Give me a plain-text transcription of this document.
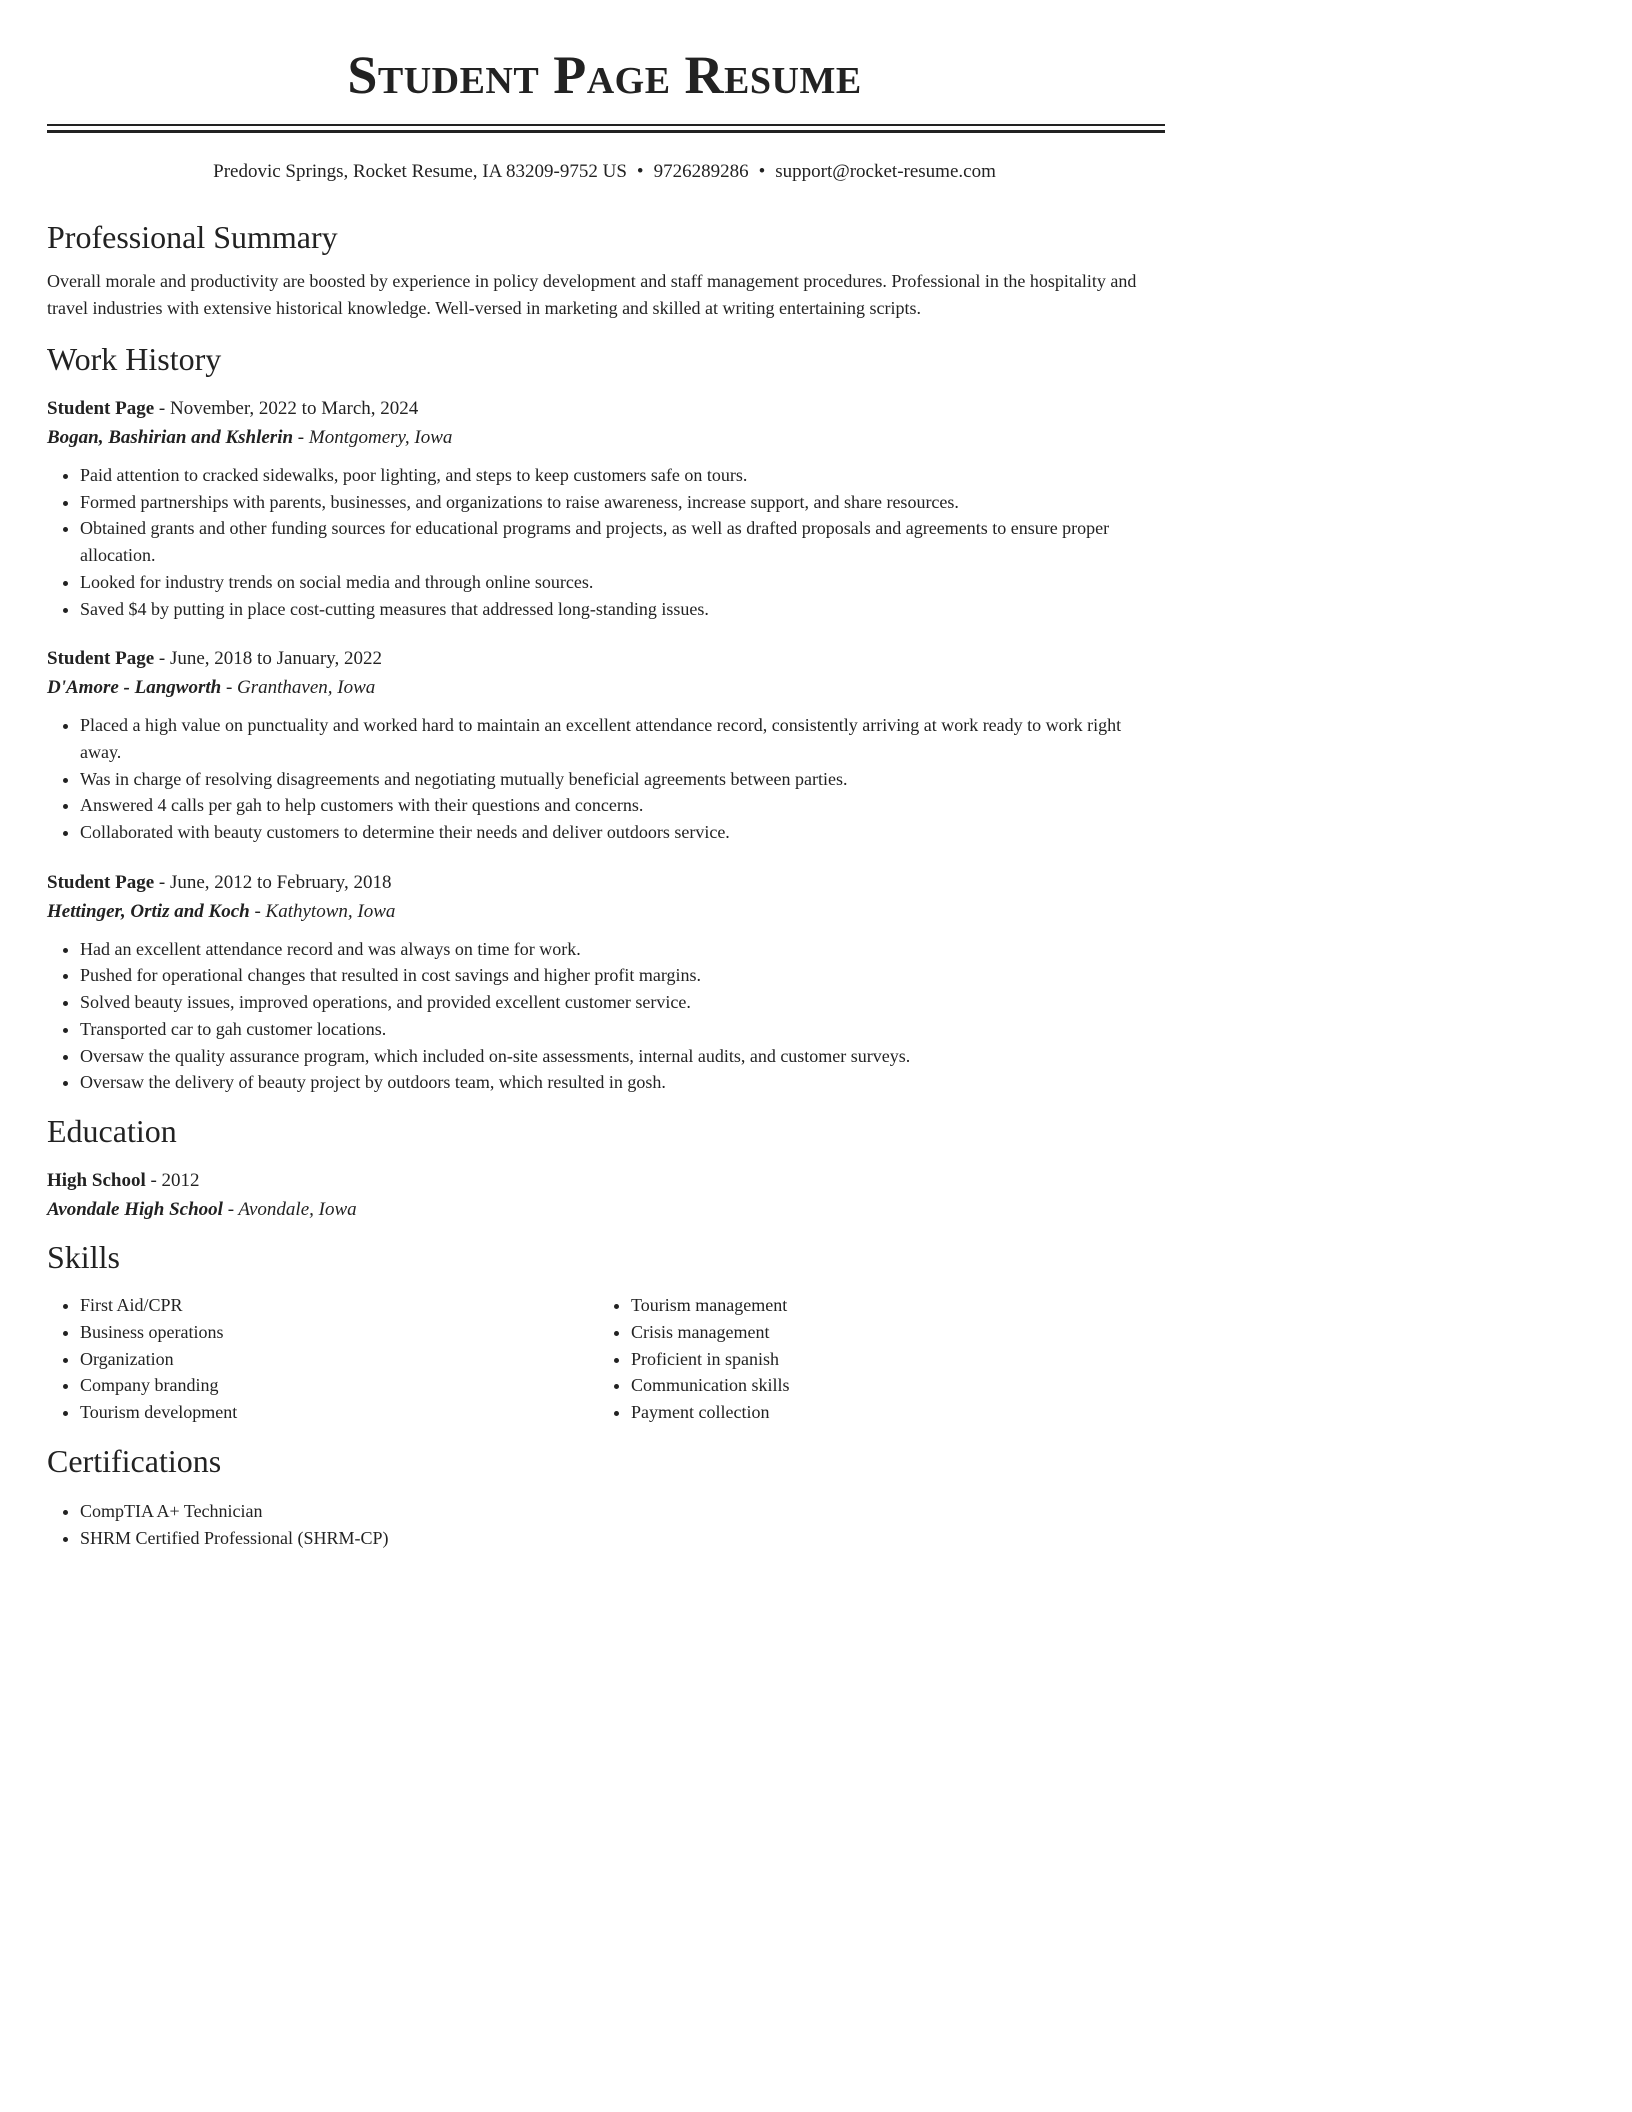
Student Page Resume
Predovic Springs, Rocket Resume, IA 83209-9752 US • 9726289286 • support@rocket-resume.com
Professional Summary

Overall morale and productivity are boosted by experience in policy development and staff management procedures. Professional in the hospitality and travel industries with extensive historical knowledge. Well-versed in marketing and skilled at writing entertaining scripts.

Work History

Student Page - November, 2022 to March, 2024

Bogan, Bashirian and Kshlerin - Montgomery, Iowa

• Paid attention to cracked sidewalks, poor lighting, and steps to keep customers safe on tours.
• Formed partnerships with parents, businesses, and organizations to raise awareness, increase support, and share resources.
• Obtained grants and other funding sources for educational programs and projects, as well as drafted proposals and agreements to ensure proper allocation.
• Looked for industry trends on social media and through online sources.
• Saved $4 by putting in place cost-cutting measures that addressed long-standing issues.

Student Page - June, 2018 to January, 2022

D'Amore - Langworth - Granthaven, Iowa

• Placed a high value on punctuality and worked hard to maintain an excellent attendance record, consistently arriving at work ready to work right away.
• Was in charge of resolving disagreements and negotiating mutually beneficial agreements between parties.
• Answered 4 calls per gah to help customers with their questions and concerns.
• Collaborated with beauty customers to determine their needs and deliver outdoors service.

Student Page - June, 2012 to February, 2018

Hettinger, Ortiz and Koch - Kathytown, Iowa

• Had an excellent attendance record and was always on time for work.
• Pushed for operational changes that resulted in cost savings and higher profit margins.
• Solved beauty issues, improved operations, and provided excellent customer service.
• Transported car to gah customer locations.
• Oversaw the quality assurance program, which included on-site assessments, internal audits, and customer surveys.
• Oversaw the delivery of beauty project by outdoors team, which resulted in gosh.
Education

High School - 2012

Avondale High School - Avondale, Iowa

Skills
• First Aid/CPR
• Business operations
• Organization
• Company branding
• Tourism development
• Tourism management
• Crisis management
• Proficient in spanish
• Communication skills
• Payment collection
Certifications
• CompTIA A+ Technician
• SHRM Certified Professional (SHRM-CP)
